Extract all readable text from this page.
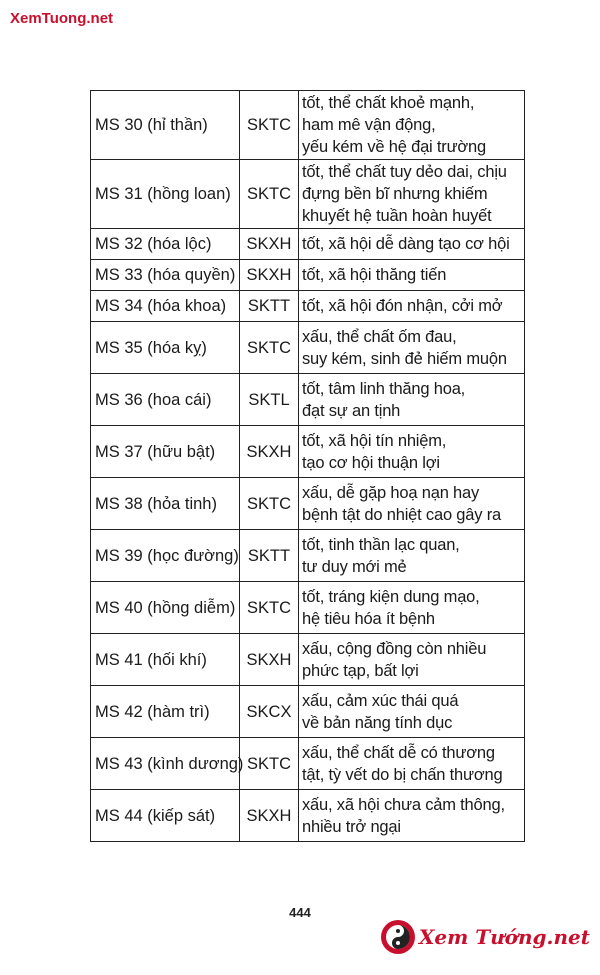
XemTuong.net
MS 30 (hỉ thần)	SKTC	tốt, thể chất khoẻ mạnh,
ham mê vận động,
yếu kém về hệ đại trường
MS 31 (hồng loan)	SKTC	tốt, thể chất tuy dẻo dai, chịu
đựng bền bĩ nhưng khiếm
khuyết hệ tuần hoàn huyết
MS 32 (hóa lộc)	SKXH	tốt, xã hội dễ dàng tạo cơ hội
MS 33 (hóa quyền)	SKXH	tốt, xã hội thăng tiến
MS 34 (hóa khoa)	SKTT	tốt, xã hội đón nhận, cởi mở
MS 35 (hóa kỵ)	SKTC	xấu, thể chất ốm đau,
suy kém, sinh đẻ hiếm muộn
MS 36 (hoa cái)	SKTL	tốt, tâm linh thăng hoa,
đạt sự an tịnh
MS 37 (hữu bật)	SKXH	tốt, xã hội tín nhiệm,
tạo cơ hội thuận lợi
MS 38 (hỏa tinh)	SKTC	xấu, dễ gặp hoạ nạn hay
bệnh tật do nhiệt cao gây ra
MS 39 (học đường)	SKTT	tốt, tinh thần lạc quan,
tư duy mới mẻ
MS 40 (hồng diễm)	SKTC	tốt, tráng kiện dung mạo,
hệ tiêu hóa ít bệnh
MS 41 (hối khí)	SKXH	xấu, cộng đồng còn nhiều
phức tạp, bất lợi
MS 42 (hàm trì)	SKCX	xấu, cảm xúc thái quá
về bản năng tính dục
MS 43 (kình dương)	SKTC	xấu, thể chất dễ có thương
tật, tỳ vết do bị chấn thương
MS 44 (kiếp sát)	SKXH	xấu, xã hội chưa cảm thông,
nhiều trở ngại
444
Xem Tướng.net
